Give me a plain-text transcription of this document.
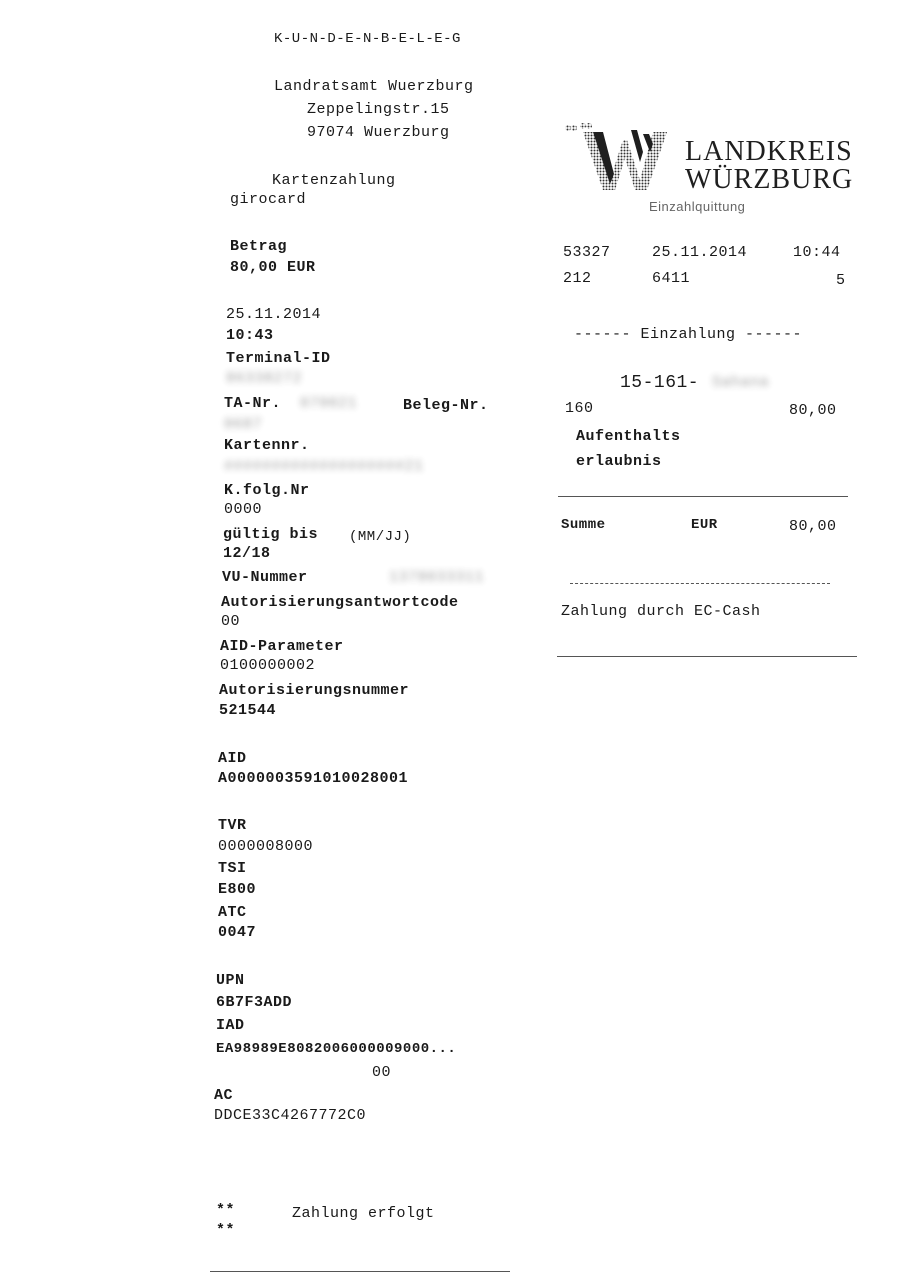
K-U-N-D-E-N-B-E-L-E-G
Landratsamt Wuerzburg
Zeppelingstr.15
97074 Wuerzburg
Kartenzahlung
girocard
Betrag
80,00 EUR
25.11.2014
10:43
Terminal-ID
86338272
TA-Nr. 070021	Beleg-Nr.
0687
Kartennr.
###################21
K.folg.Nr
0000
gültig bis (MM/JJ)
12/18
VU-Nummer	1378033311
Autorisierungsantwortcode
00
AID-Parameter
0100000002
Autorisierungsnummer
521544
AID
A0000003591010028001
TVR
0000008000
TSI
E800
ATC
0047
UPN
6B7F3ADD
IAD
EA98989E8082006000009000...
00
AC
DDCE33C4267772C0
**	Zahlung erfolgt
**
LANDKREIS
WÜRZBURG
Einzahlquittung
53327	25.11.2014	10:44
212	6411	5
------ Einzahlung ------
15-161- Sahana
160	80,00
Aufenthalts
erlaubnis
Summe	EUR	80,00
Zahlung durch EC-Cash
